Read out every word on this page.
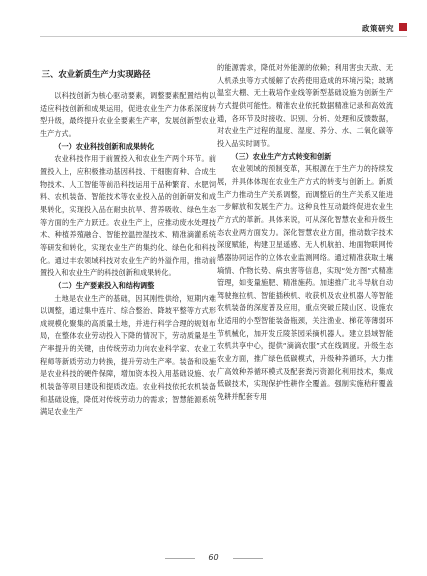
政策研究
三、农业新质生产力实现路径

以科技创新为核心驱动要素，调整要素配置结构以适应科技创新和成果运用，促进农业生产力体系深度转型升级，最终提升农业全要素生产率，发展创新型农业生产方式。

（一）农业科技创新和成果转化

农业科技作用于前置投入和农业生产两个环节。前置投入上，应积极推动基因科技、干细胞育种、合成生物技术、人工智能等前沿科技运用于品种繁育、水肥饲料、农机装备、智能技术等农业投入品的创新研发和成果转化，实现投入品在耐虫抗旱、营养吸收、绿色生态等方面的生产力跃迁。农业生产上，应推动废水处理技术、种植养殖融合、智能控温控湿技术、精准滴灌系统等研发和转化，实现农业生产的集约化、绿色化和科技化。通过丰农领域科技对农业生产的外溢作用，推动前置投入和农业生产的科技创新和成果转化。

（二）生产要素投入和结构调整

土地是农业生产的基础，因其刚性供给，短期内难以调整，通过集中连片、综合整治、降坡平整等方式形成规模化聚集的高质量土地，并进行科学合理的规划布局，在整体农业劳动投入下降的情况下，劳动质量是生产率提升的关键，由传统劳动力向农业科学家、农业工程师等新质劳动力转换，提升劳动生产率。装备和设施是农业科技的硬件保障，增加资本投入用基础设施、农机装备等项目建设和提质改造。农业科技依托农机装备和基础设施，降低对传统劳动力的需求；智慧能源系统满足农业生产

的能源需求，降低对外能源的依赖；利用害虫天敌、无人机杀虫等方式缓解了农药使用造成的环境污染；玻璃温室大棚、无土栽培作业线等新型基础设施为创新生产方式提供可能性。精准农业依托数据精准记录和高效流通，各环节及时接收、识别、分析、处理和反馈数据，对农业生产过程的温度、湿度、养分、水、二氧化碳等投入品实时调节。

（三）农业生产方式转变和创新

农业领域的预制变革，其根源在于生产力的持续发展，并具体体现在农业生产方式的转变与创新上。新质生产力推动生产关系调整，而调整后的生产关系又能进一步解放和发展生产力。这种良性互动最终促进农业生产方式的革新。具体来说，可从深化智慧农业和升级生态农业两方面发力。深化智慧农业方面，推动数字技术深度赋能，构建卫星遥感、无人机航拍、地面物联网传感器协同运作的立体农业监测网络。通过精准获取土壤墒情、作物长势、病虫害等信息，实现“处方图”式精准管理，如变量施肥、精准施药。加速推广北斗导航自动驾驶拖拉机、智能插秧机、收获机及农业机器人等智能农机装备的深度普及应用，重点突破丘陵山区、设施农业适用的小型智能装备瓶颈，关注渔业、梯花等薄弱环节机械化，加开发丘陵茶园采摘机器人。建立县域智能农机共享中心，提供“滴滴农服”式在线调度。升级生态农业方面，推广绿色低碳模式，升级种养循环，大力推广高效种养循环模式及配套粪污资源化利用技术，集成低碳技术，实现保护性耕作全覆盖。强制实施秸秆覆盖免耕并配套专用

60
